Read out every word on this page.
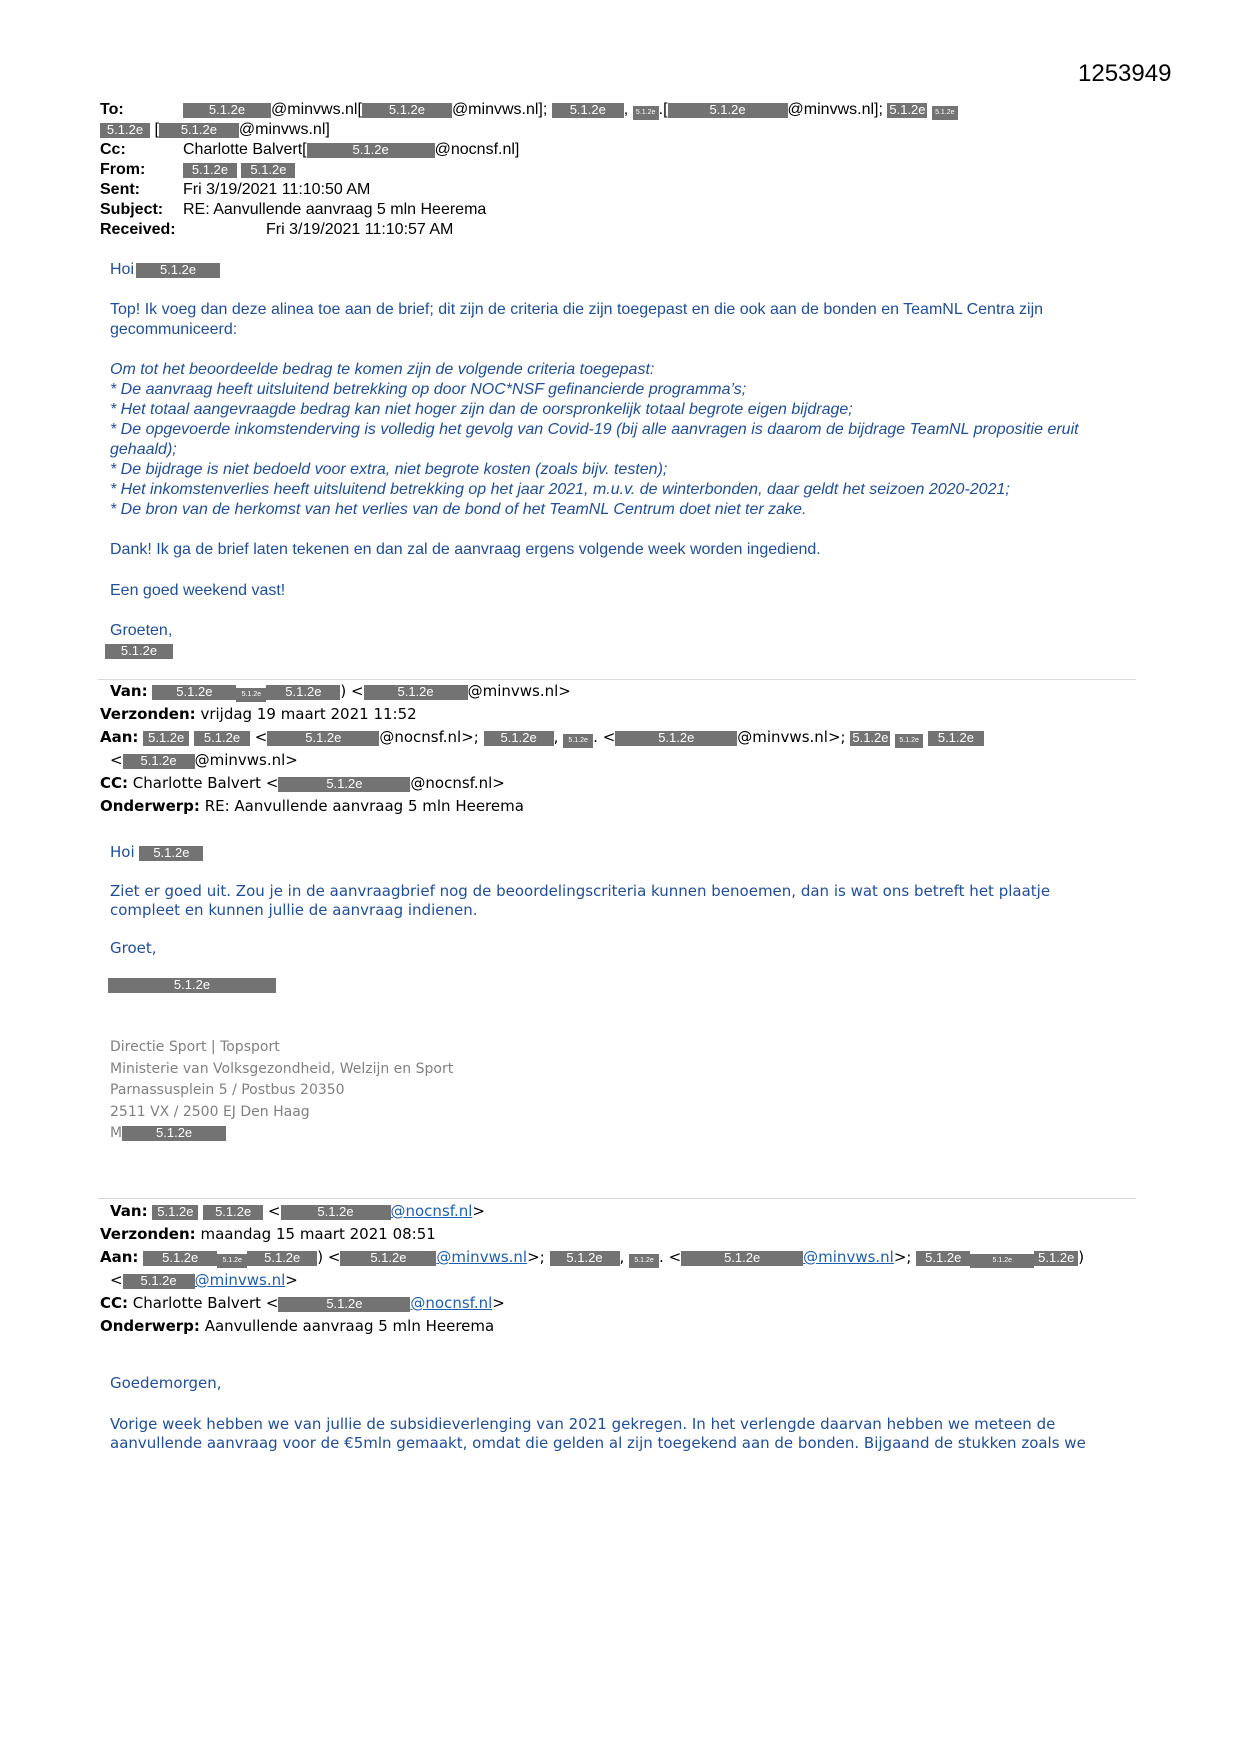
1253949
To:	5.1.2e @minvws.nl[ 5.1.2e @minvws.nl]; 5.1.2e , 5.1.2e .[	5.1.2e	@minvws.nl]; 5.1.2e 5.1.2e
5.1.2e [ 5.1.2e @minvws.nl]
Cc:	Charlotte Balvert[	5.1.2e	@nocnsf.nl]
From:	5.1.2e 5.1.2e
Sent:	Fri 3/19/2021 11:10:50 AM
Subject: RE: Aanvullende aanvraag 5 mln Heerema
Received:	Fri 3/19/2021 11:10:57 AM
Hoi 5.1.2e

Top! Ik voeg dan deze alinea toe aan de brief; dit zijn de criteria die zijn toegepast en die ook aan de bonden en TeamNL Centra zijn gecommuniceerd:

Om tot het beoordeelde bedrag te komen zijn de volgende criteria toegepast:

* De aanvraag heeft uitsluitend betrekking op door NOC*NSF gefinancierde programma’s;

* Het totaal aangevraagde bedrag kan niet hoger zijn dan de oorspronkelijk totaal begrote eigen bijdrage;

* De opgevoerde inkomstenderving is volledig het gevolg van Covid-19 (bij alle aanvragen is daarom de bijdrage TeamNL propositie eruit gehaald);

* De bijdrage is niet bedoeld voor extra, niet begrote kosten (zoals bijv. testen);

* Het inkomstenverlies heeft uitsluitend betrekking op het jaar 2021, m.u.v. de winterbonden, daar geldt het seizoen 2020-2021;

* De bron van de herkomst van het verlies van de bond of het TeamNL Centrum doet niet ter zake.

Dank! Ik ga de brief laten tekenen en dan zal de aanvraag ergens volgende week worden ingediend.

Een goed weekend vast!

Groeten,

5.1.2e
Van: 5.1.2e	5.1.2e 5.1.2e ) <	5.1.2e @minvws.nl>
Verzonden: vrijdag 19 maart 2021 11:52
Aan: 5.1.2e 5.1.2e <	5.1.2e	@nocnsf.nl>; 5.1.2e , 5.1.2e . <	5.1.2e	@minvws.nl>; 5.1.2e 5.1.2e 5.1.2e
< 5.1.2e @minvws.nl>
CC: Charlotte Balvert <	5.1.2e	@nocnsf.nl>
Onderwerp: RE: Aanvullende aanvraag 5 mln Heerema
Hoi 5.1.2e

Ziet er goed uit. Zou je in de aanvraagbrief nog de beoordelingscriteria kunnen benoemen, dan is wat ons betreft het plaatje compleet en kunnen jullie de aanvraag indienen.

Groet,

5.1.2e
Directie Sport | Topsport
Ministerie van Volksgezondheid, Welzijn en Sport
Parnassusplein 5 / Postbus 20350
2511 VX / 2500 EJ Den Haag
M	5.1.2e
Van: 5.1.2e 5.1.2e <	5.1.2e @nocnsf.nl>
Verzonden: maandag 15 maart 2021 08:51
Aan: 5.1.2e	5.1.2e 5.1.2e ) < 5.1.2e @minvws.nl>; 5.1.2e , 5.1.2e . <	5.1.2e	@minvws.nl>; 5.1.2e	5.1.2e 5.1.2e )
< 5.1.2e @minvws.nl>
CC: Charlotte Balvert <	5.1.2e	@nocnsf.nl>
Onderwerp: Aanvullende aanvraag 5 mln Heerema

Goedemorgen,

Vorige week hebben we van jullie de subsidieverlenging van 2021 gekregen. In het verlengde daarvan hebben we meteen de aanvullende aanvraag voor de €5mln gemaakt, omdat die gelden al zijn toegekend aan de bonden. Bijgaand de stukken zoals we
